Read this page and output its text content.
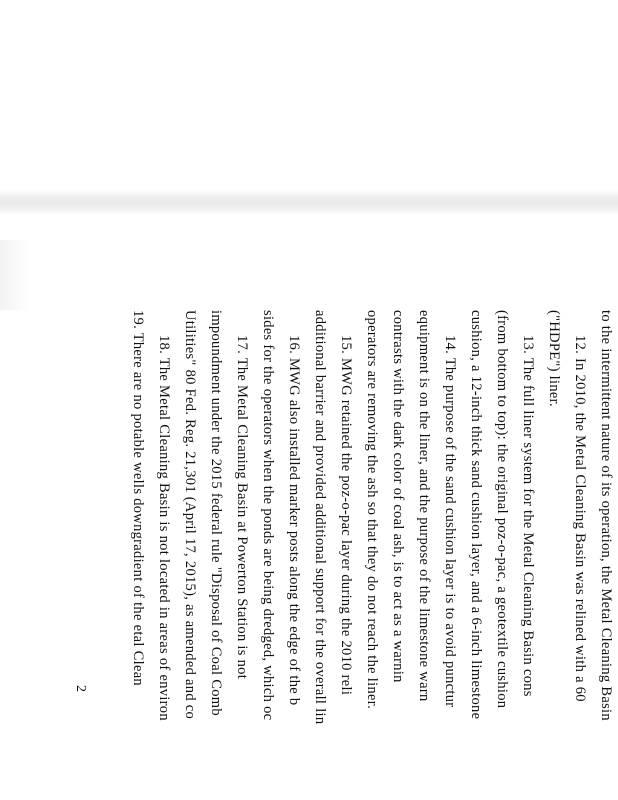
to the intermittent nature of its operation, the Metal Cleaning Basin
12. In 2010, the Metal Cleaning Basin was relined with a 60
("HDPE") liner.
13. The full liner system for the Metal Cleaning Basin cons
(from bottom to top): the original poz-o-pac, a geotextile cushion
cushion, a 12-inch thick sand cushion layer, and a 6-inch limestone
14. The purpose of the sand cushion layer is to avoid punctur
equipment is on the liner, and the purpose of the limestone warn
contrasts with the dark color of coal ash, is to act as a warnin
operators are removing the ash so that they do not reach the liner.
15. MWG retained the poz-o-pac layer during the 2010 reli
additional barrier and provided additional support for the overall lin
16. MWG also installed marker posts along the edge of the b
sides for the operators when the ponds are being dredged, which oc
17. The Metal Cleaning Basin at Powerton Station is not
impoundment under the 2015 federal rule "Disposal of Coal Comb
Utilities" 80 Fed. Reg. 21,301 (April 17, 2015), as amended and co
18. The Metal Cleaning Basin is not located in areas of environ
19. There are no potable wells downgradient of the etal Clean
2
